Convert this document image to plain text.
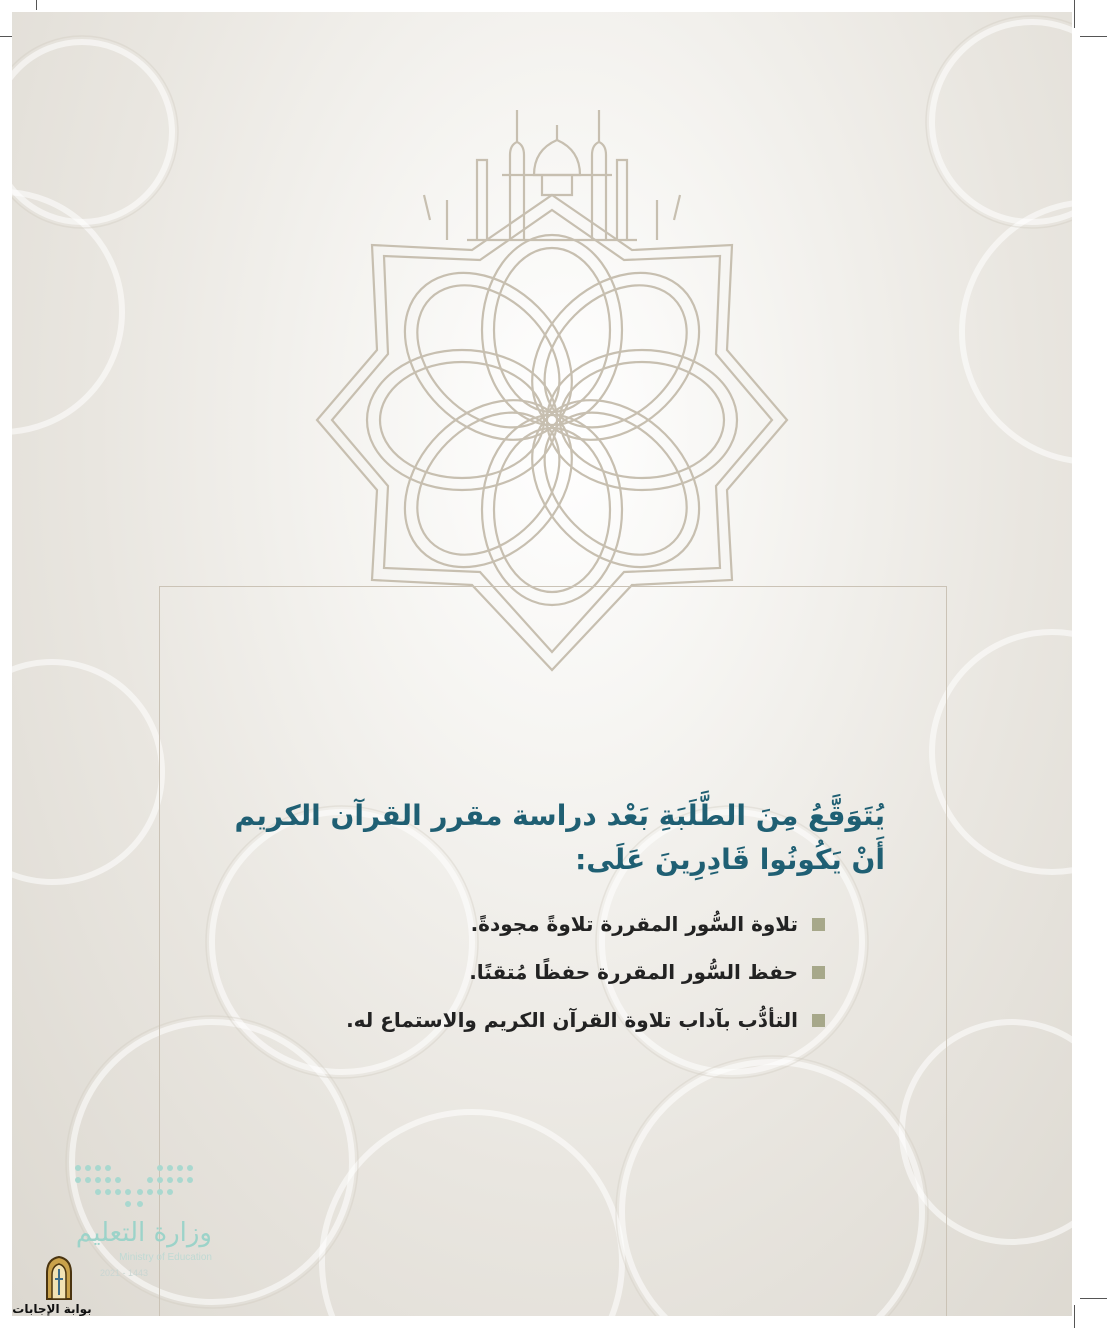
يُتَوَقَّعُ مِنَ الطَّلَبَةِ بَعْد دراسة مقرر القرآن الكريم
أَنْ يَكُونُوا قَادِرِينَ عَلَى:
تلاوة السُّور المقررة تلاوةً مجودةً.
حفظ السُّور المقررة حفظًا مُتقنًا.
التأدُّب بآداب تلاوة القرآن الكريم والاستماع له.
وزارة التعليم
Ministry of Education
2021 - 1443
بوابة الإجابات
